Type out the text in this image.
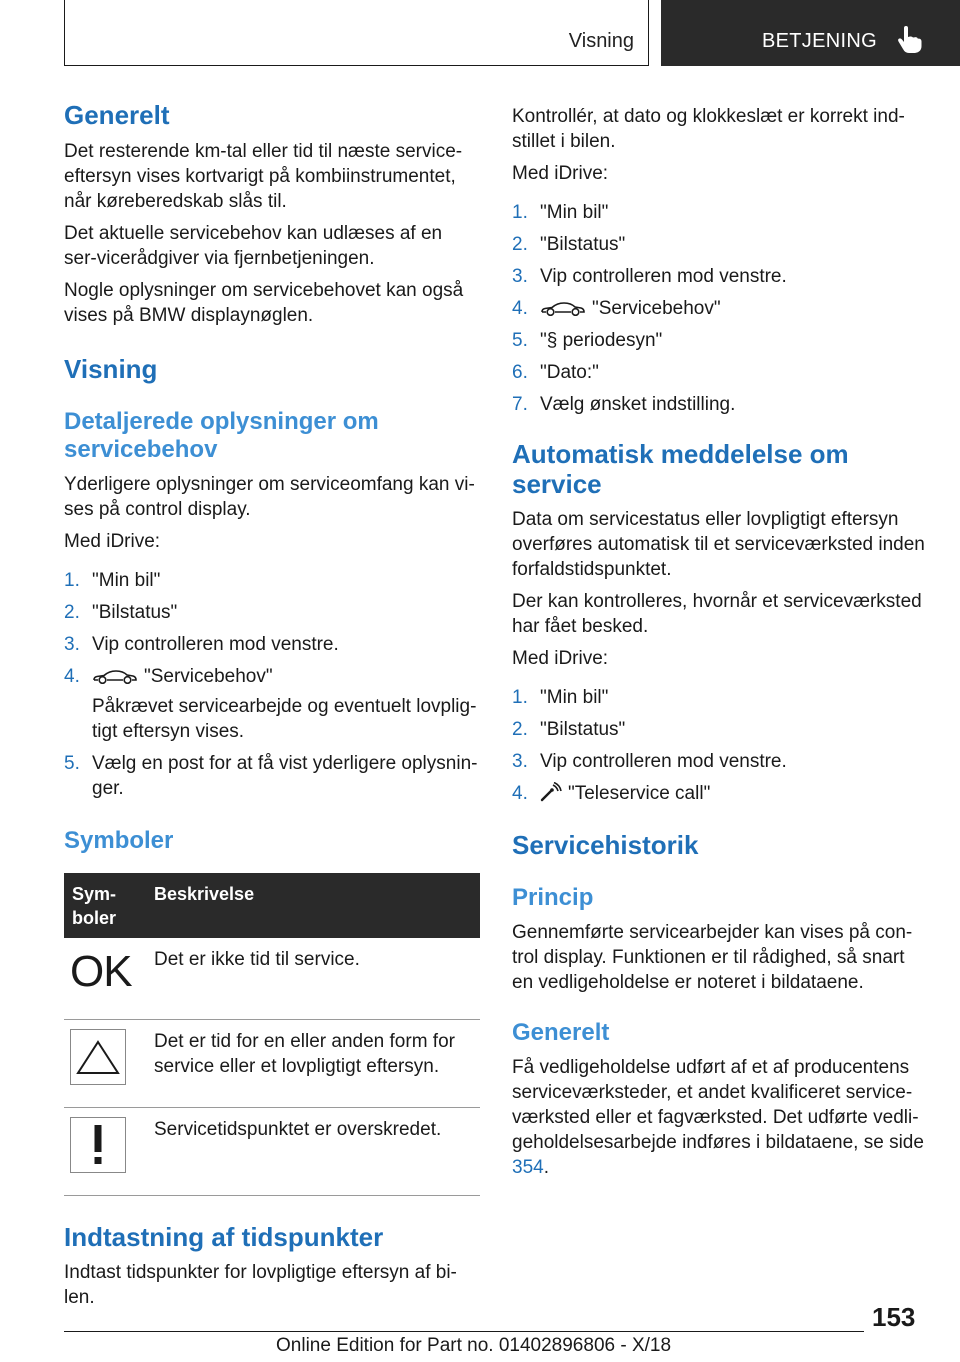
Visning	BETJENING
Generelt

Det resterende km-tal eller tid til næste service-eftersyn vises kortvarigt på kombiinstrumentet, når køreberedskab slås til.

Det aktuelle servicebehov kan udlæses af en ser-vicerådgiver via fjernbetjeningen.

Nogle oplysninger om servicebehovet kan også vises på BMW displaynøglen.

Visning
Detaljerede oplysninger om servicebehov

Yderligere oplysninger om serviceomfang kan vi-ses på control display.

Med iDrive:

1. "Min bil"
2. "Bilstatus"
3. Vip controlleren mod venstre.
4.	"Servicebehov"
Påkrævet servicearbejde og eventuelt lovplig-tigt eftersyn vises.
5. Vælg en post for at få vist yderligere oplysnin-ger.
Symboler
Sym-boler	Beskrivelse

OK	Det er ikke tid til service.

	Det er tid for en eller anden form for service eller et lovpligtigt eftersyn.

	Servicetidspunktet er overskredet.
Indtastning af tidspunkter

Indtast tidspunkter for lovpligtige eftersyn af bi-len.

Kontrollér, at dato og klokkeslæt er korrekt ind-stillet i bilen.

Med iDrive:

1. "Min bil"
2. "Bilstatus"
3. Vip controlleren mod venstre.
4.	"Servicebehov"
5. "§ periodesyn"
6. "Dato:"
7. Vælg ønsket indstilling.
Automatisk meddelelse om service

Data om servicestatus eller lovpligtigt eftersyn overføres automatisk til et serviceværksted inden forfaldstidspunktet.

Der kan kontrolleres, hvornår et serviceværksted har fået besked.

Med iDrive:

1. "Min bil"
2. "Bilstatus"
3. Vip controlleren mod venstre.
4. "Teleservice call"
Servicehistorik
Princip

Gennemførte servicearbejder kan vises på con-trol display. Funktionen er til rådighed, så snart en vedligeholdelse er noteret i bildataene.

Generelt

Få vedligeholdelse udført af et af producentens serviceværksteder, et andet kvalificeret service-værksted eller et fagværksted. Det udførte vedli-geholdelsesarbejde indføres i bildataene, se side 354.

153
Online Edition for Part no. 01402896806 - X/18
